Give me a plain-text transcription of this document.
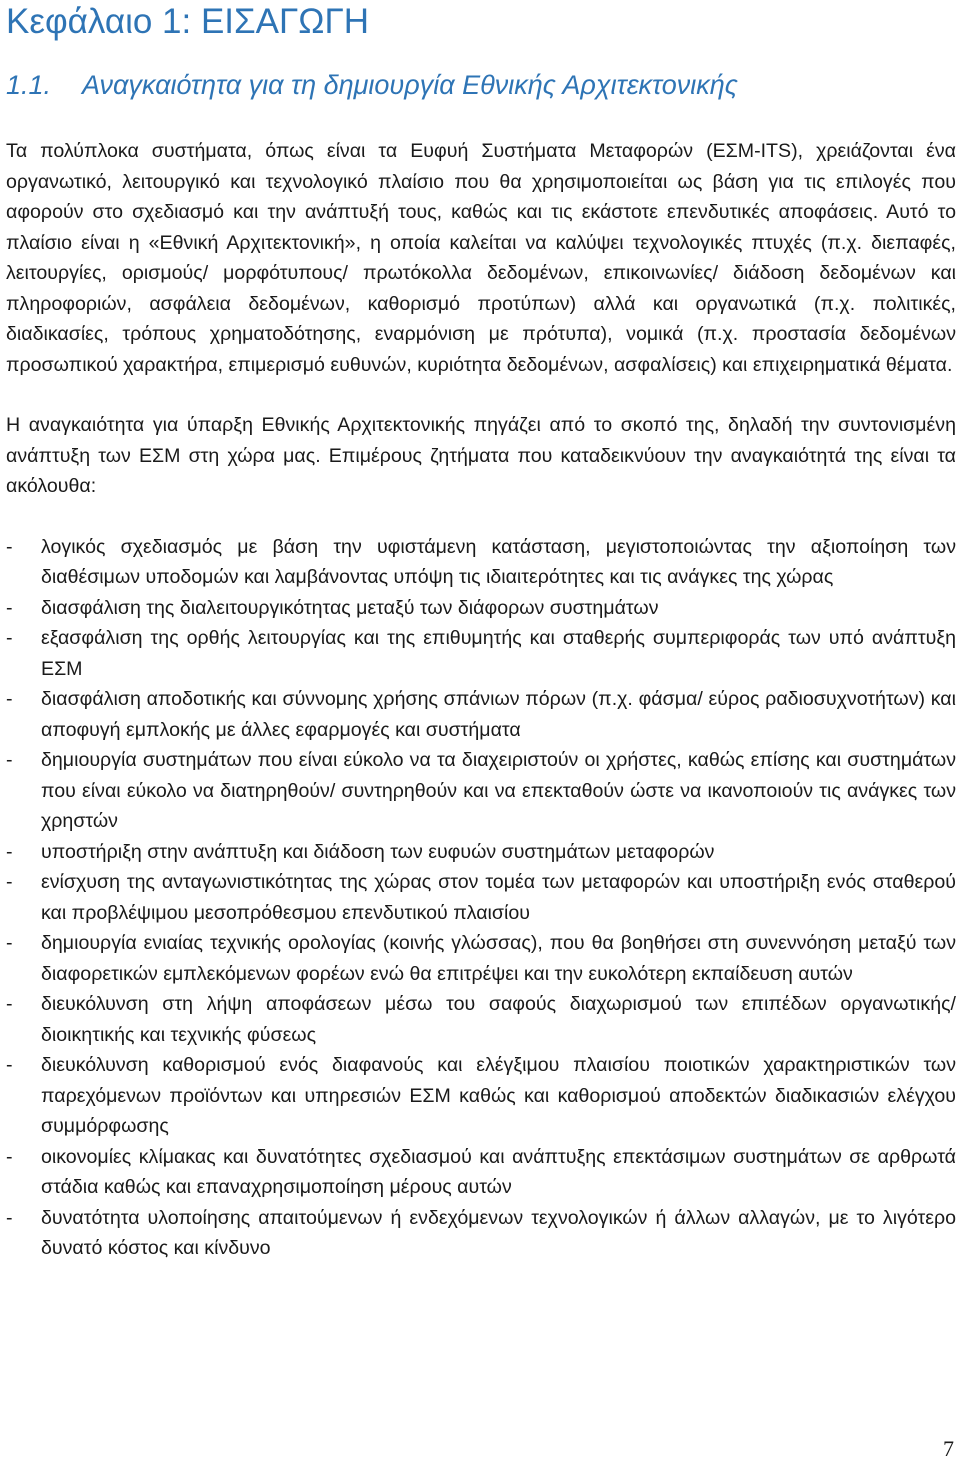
Κεφάλαιο 1: ΕΙΣΑΓΩΓΗ
1.1. Αναγκαιότητα για τη δημιουργία Εθνικής Αρχιτεκτονικής

Τα πολύπλοκα συστήματα, όπως είναι τα Ευφυή Συστήματα Μεταφορών (ΕΣΜ-ITS), χρειάζονται ένα οργανωτικό, λειτουργικό και τεχνολογικό πλαίσιο που θα χρησιμοποιείται ως βάση για τις επιλογές που αφορούν στο σχεδιασμό και την ανάπτυξή τους, καθώς και τις εκάστοτε επενδυτικές αποφάσεις. Αυτό το πλαίσιο είναι η «Εθνική Αρχιτεκτονική», η οποία καλείται να καλύψει τεχνολογικές πτυχές (π.χ. διεπαφές, λειτουργίες, ορισμούς/ μορφότυπους/ πρωτόκολλα δεδομένων, επικοινωνίες/ διάδοση δεδομένων και πληροφοριών, ασφάλεια δεδομένων, καθορισμό προτύπων) αλλά και οργανωτικά (π.χ. πολιτικές, διαδικασίες, τρόπους χρηματοδότησης, εναρμόνιση με πρότυπα), νομικά (π.χ. προστασία δεδομένων προσωπικού χαρακτήρα, επιμερισμό ευθυνών, κυριότητα δεδομένων, ασφαλίσεις) και επιχειρηματικά θέματα.

Η αναγκαιότητα για ύπαρξη Εθνικής Αρχιτεκτονικής πηγάζει από το σκοπό της, δηλαδή την συντονισμένη ανάπτυξη των ΕΣΜ στη χώρα μας. Επιμέρους ζητήματα που καταδεικνύουν την αναγκαιότητά της είναι τα ακόλουθα:

- λογικός σχεδιασμός με βάση την υφιστάμενη κατάσταση, μεγιστοποιώντας την αξιοποίηση των διαθέσιμων υποδομών και λαμβάνοντας υπόψη τις ιδιαιτερότητες και τις ανάγκες της χώρας
- διασφάλιση της διαλειτουργικότητας μεταξύ των διάφορων συστημάτων
- εξασφάλιση της ορθής λειτουργίας και της επιθυμητής και σταθερής συμπεριφοράς των υπό ανάπτυξη ΕΣΜ
- διασφάλιση αποδοτικής και σύννομης χρήσης σπάνιων πόρων (π.χ. φάσμα/ εύρος ραδιοσυχνοτήτων) και αποφυγή εμπλοκής με άλλες εφαρμογές και συστήματα
- δημιουργία συστημάτων που είναι εύκολο να τα διαχειριστούν οι χρήστες, καθώς επίσης και συστημάτων που είναι εύκολο να διατηρηθούν/ συντηρηθούν και να επεκταθούν ώστε να ικανοποιούν τις ανάγκες των χρηστών
- υποστήριξη στην ανάπτυξη και διάδοση των ευφυών συστημάτων μεταφορών
- ενίσχυση της ανταγωνιστικότητας της χώρας στον τομέα των μεταφορών και υποστήριξη ενός σταθερού και προβλέψιμου μεσοπρόθεσμου επενδυτικού πλαισίου
- δημιουργία ενιαίας τεχνικής ορολογίας (κοινής γλώσσας), που θα βοηθήσει στη συνεννόηση μεταξύ των διαφορετικών εμπλεκόμενων φορέων ενώ θα επιτρέψει και την ευκολότερη εκπαίδευση αυτών
- διευκόλυνση στη λήψη αποφάσεων μέσω του σαφούς διαχωρισμού των επιπέδων οργανωτικής/ διοικητικής και τεχνικής φύσεως
- διευκόλυνση καθορισμού ενός διαφανούς και ελέγξιμου πλαισίου ποιοτικών χαρακτηριστικών των παρεχόμενων προϊόντων και υπηρεσιών ΕΣΜ καθώς και καθορισμού αποδεκτών διαδικασιών ελέγχου συμμόρφωσης
- οικονομίες κλίμακας και δυνατότητες σχεδιασμού και ανάπτυξης επεκτάσιμων συστημάτων σε αρθρωτά στάδια καθώς και επαναχρησιμοποίηση μέρους αυτών
- δυνατότητα υλοποίησης απαιτούμενων ή ενδεχόμενων τεχνολογικών ή άλλων αλλαγών, με το λιγότερο δυνατό κόστος και κίνδυνο
7
